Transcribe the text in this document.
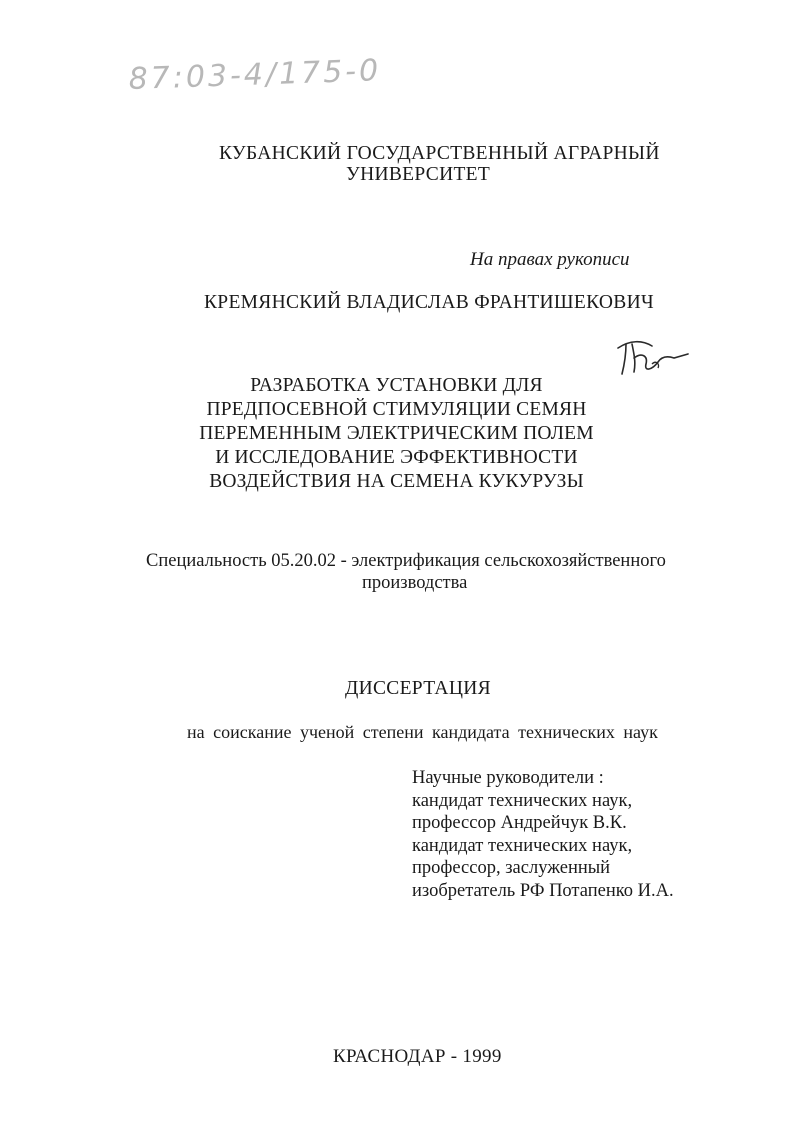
87:03-4/175-0
КУБАНСКИЙ ГОСУДАРСТВЕННЫЙ АГРАРНЫЙ
УНИВЕРСИТЕТ
На правах рукописи
КРЕМЯНСКИЙ ВЛАДИСЛАВ ФРАНТИШЕКОВИЧ
РАЗРАБОТКА УСТАНОВКИ ДЛЯ
ПРЕДПОСЕВНОЙ СТИМУЛЯЦИИ СЕМЯН
ПЕРЕМЕННЫМ ЭЛЕКТРИЧЕСКИМ ПОЛЕМ
И ИССЛЕДОВАНИЕ ЭФФЕКТИВНОСТИ
ВОЗДЕЙСТВИЯ НА СЕМЕНА КУКУРУЗЫ
Специальность 05.20.02 - электрификация сельскохозяйственного
производства
ДИССЕРТАЦИЯ
на соискание ученой степени кандидата технических наук
Научные руководители :
кандидат технических наук,
профессор Андрейчук В.К.
кандидат технических наук,
профессор, заслуженный
изобретатель РФ Потапенко И.А.
КРАСНОДАР - 1999
